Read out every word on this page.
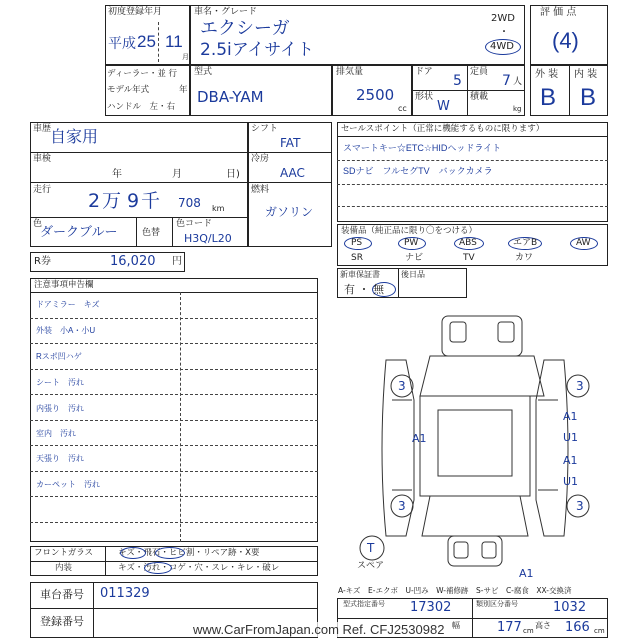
初度登録年月
平成 25 11
月
車名・グレード
エクシーガ
2.5iアイサイト
2WD
・
4WD
評 価 点
(4)
ディーラー・並 行
モデル年式	年
ハンドル　左・右
型式
DBA-YAM
排気量
2500
cc
ドア
5
定員
7 人
形状
W
積載
kg
外 装 内 装
B B
車歴
自家用
車検
年	月	日)
走行 2 万 9 千 708 km
色
ダークブルー	色替
色コード
H3Q/L20
シフト
FAT
冷房
AAC
燃料
ガソリン
セールスポイント（正常に機能するものに限ります）
スマートキー☆ETC☆HIDヘッドライト
SDナビ　フルセグTV　バックカメラ
装備品（純正品に限り〇をつける）
PS	PW	ABS	エアB	AW
SR	ナビ	TV	カワ
新車保証書	後日品
有 ・ 無
R券	16,020 円
注意事項申告欄
ドアミラー　キズ
外装　小A・小U
Rスポ凹ハゲ
シート　汚れ
内張り　汚れ
室内　汚れ
天張り　汚れ
カーペット　汚れ
3	3
A1
A1
U1
A1
U1
3	3
A1
T
スペア
フロントガラス	キズ・飛石・ヒビ割・リペア跡・X要
内装	キズ・汚れ・コゲ・穴・スレ・キレ・破レ
A-キズ　E-エクボ　U-凹み　W-補修跡　S-サビ　C-腐食　XX-交換済
車台番号 011329
登録番号
型式指定番号 17302	類別区分番号	1032
幅	177 cm
高さ 166 cm
www.CarFromJapan.com Ref. CFJ2530982
